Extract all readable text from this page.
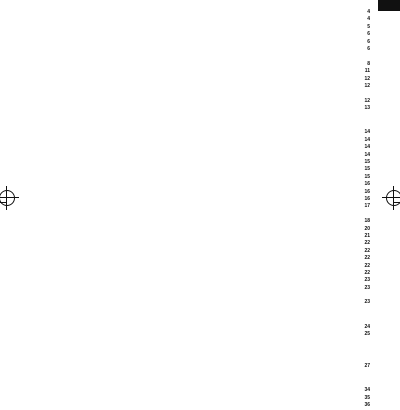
4
4
5
6
6
6
8
11
12
12
12
13
14
14
14
14
15
15
15
16
16
16
17
18
20
21
22
22
22
22
22
23
23
23
24
25
27
34
35
36
